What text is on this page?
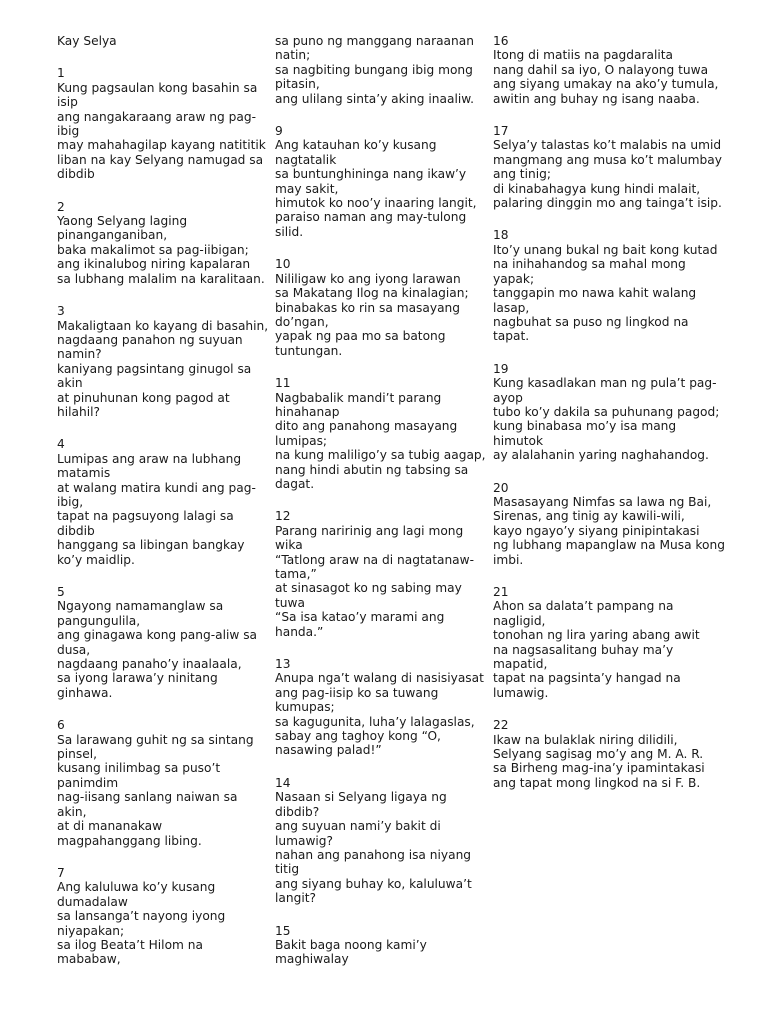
Kay Selya
1
Kung pagsaulan kong basahin sa isip
ang nangakaraang araw ng pag-ibig
may mahahagilap kayang natititik
liban na kay Selyang namugad sa dibdib
2
Yaong Selyang laging pinanganganiban,
baka makalimot sa pag-iibigan;
ang ikinalubog niring kapalaran
sa lubhang malalim na karalitaan.
3
Makaligtaan ko kayang di basahin,
nagdaang panahon ng suyuan namin?
kaniyang pagsintang ginugol sa akin
at pinuhunan kong pagod at hilahil?
4
Lumipas ang araw na lubhang matamis
at walang matira kundi ang pag-ibig,
tapat na pagsuyong lalagi sa dibdib
hanggang sa libingan bangkay ko’y maidlip.
5
Ngayong namamanglaw sa pangungulila,
ang ginagawa kong pang-aliw sa dusa,
nagdaang panaho’y inaalaala,
sa iyong larawa’y ninitang ginhawa.
6
Sa larawang guhit ng sa sintang pinsel,
kusang inilimbag sa puso’t panimdim
nag-iisang sanlang naiwan sa akin,
at di mananakaw magpahanggang libing.
7
Ang kaluluwa ko’y kusang dumadalaw
sa lansanga’t nayong iyong niyapakan;
sa ilog Beata’t Hilom na mababaw,
sa puno ng manggang naraanan natin;
sa nagbiting bungang ibig mong pitasin,
ang ulilang sinta’y aking inaaliw.
9
Ang katauhan ko’y kusang nagtatalik
sa buntunghininga nang ikaw’y may sakit,
himutok ko noo’y inaaring langit,
paraiso naman ang may-tulong silid.
10
Nililigaw ko ang iyong larawan
sa Makatang Ilog na kinalagian;
binabakas ko rin sa masayang do’ngan,
yapak ng paa mo sa batong tuntungan.
11
Nagbabalik mandi’t parang hinahanap
dito ang panahong masayang lumipas;
na kung maliligo’y sa tubig aagap,
nang hindi abutin ng tabsing sa dagat.
12
Parang naririnig ang lagi mong wika
“Tatlong araw na di nagtatanaw-tama,”
at sinasagot ko ng sabing may tuwa
“Sa isa katao’y marami ang handa.”
13
Anupa nga’t walang di nasisiyasat
ang pag-iisip ko sa tuwang kumupas;
sa kagugunita, luha’y lalagaslas,
sabay ang taghoy kong “O, nasawing palad!”
14
Nasaan si Selyang ligaya ng dibdib?
ang suyuan nami’y bakit di lumawig?
nahan ang panahong isa niyang titig
ang siyang buhay ko, kaluluwa’t langit?
15
Bakit baga noong kami’y maghiwalay
16
Itong di matiis na pagdaralita
nang dahil sa iyo, O nalayong tuwa
ang siyang umakay na ako’y tumula,
awitin ang buhay ng isang naaba.
17
Selya’y talastas ko’t malabis na umid
mangmang ang musa ko’t malumbay ang tinig;
di kinabahagya kung hindi malait,
palaring dinggin mo ang tainga’t isip.
18
Ito’y unang bukal ng bait kong kutad
na inihahandog sa mahal mong yapak;
tanggapin mo nawa kahit walang lasap,
nagbuhat sa puso ng lingkod na tapat.
19
Kung kasadlakan man ng pula’t pag-ayop
tubo ko’y dakila sa puhunang pagod;
kung binabasa mo’y isa mang himutok
ay alalahanin yaring naghahandog.
20
Masasayang Nimfas sa lawa ng Bai,
Sirenas, ang tinig ay kawili-wili,
kayo ngayo’y siyang pinipintakasi
ng lubhang mapanglaw na Musa kong imbi.
21
Ahon sa dalata’t pampang na nagligid,
tonohan ng lira yaring abang awit
na nagsasalitang buhay ma’y mapatid,
tapat na pagsinta’y hangad na lumawig.
22
Ikaw na bulaklak niring dilidili,
Selyang sagisag mo’y ang M. A. R.
sa Birheng mag-ina’y ipamintakasi
ang tapat mong lingkod na si F. B.
